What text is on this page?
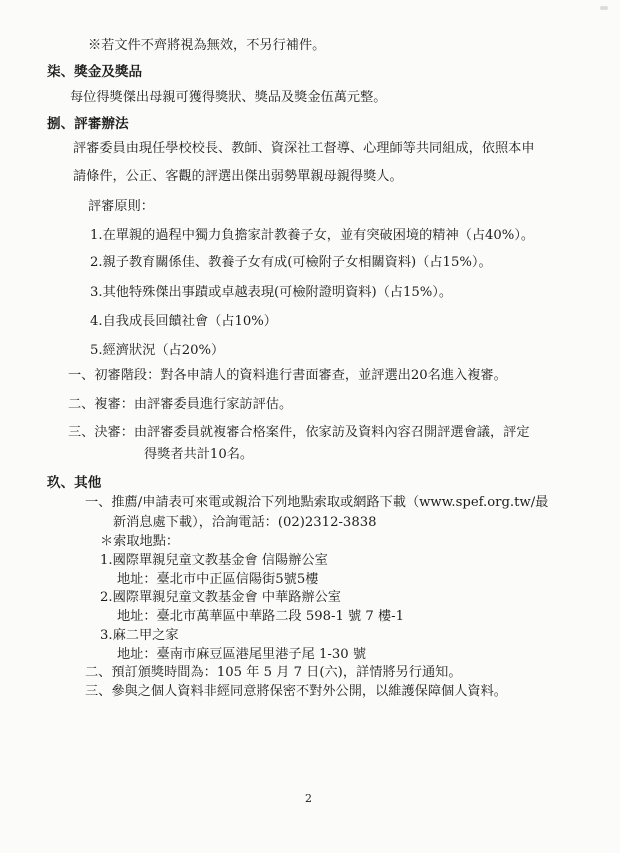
※若文件不齊將視為無效，不另行補件。
柒、獎金及獎品
每位得獎傑出母親可獲得獎狀、獎品及獎金伍萬元整。
捌、評審辦法
評審委員由現任學校校長、教師、資深社工督導、心理師等共同組成，依照本申
請條件，公正、客觀的評選出傑出弱勢單親母親得獎人。
評審原則：
1.在單親的過程中獨力負擔家計教養子女，並有突破困境的精神（占40%）。
2.親子教育關係佳、教養子女有成(可檢附子女相關資料)（占15%）。
3.其他特殊傑出事蹟或卓越表現(可檢附證明資料)（占15%）。
4.自我成長回饋社會（占10%）
5.經濟狀況（占20%）
一、初審階段：對各申請人的資料進行書面審查，並評選出20名進入複審。
二、複審：由評審委員進行家訪評估。
三、決審：由評審委員就複審合格案件，依家訪及資料內容召開評選會議，評定
得獎者共計10名。
玖、其他
一、推薦/申請表可來電或親洽下列地點索取或網路下載（www.spef.org.tw/最
新消息處下載），洽詢電話：(02)2312-3838
＊索取地點：
1.國際單親兒童文教基金會 信陽辦公室
地址：臺北市中正區信陽街5號5樓
2.國際單親兒童文教基金會 中華路辦公室
地址：臺北市萬華區中華路二段 598-1 號 7 樓-1
3.麻二甲之家
地址：臺南市麻豆區港尾里港子尾 1-30 號
二、預訂頒獎時間為：105 年 5 月 7 日(六)，詳情將另行通知。
三、參與之個人資料非經同意將保密不對外公開，以維護保障個人資料。
2
